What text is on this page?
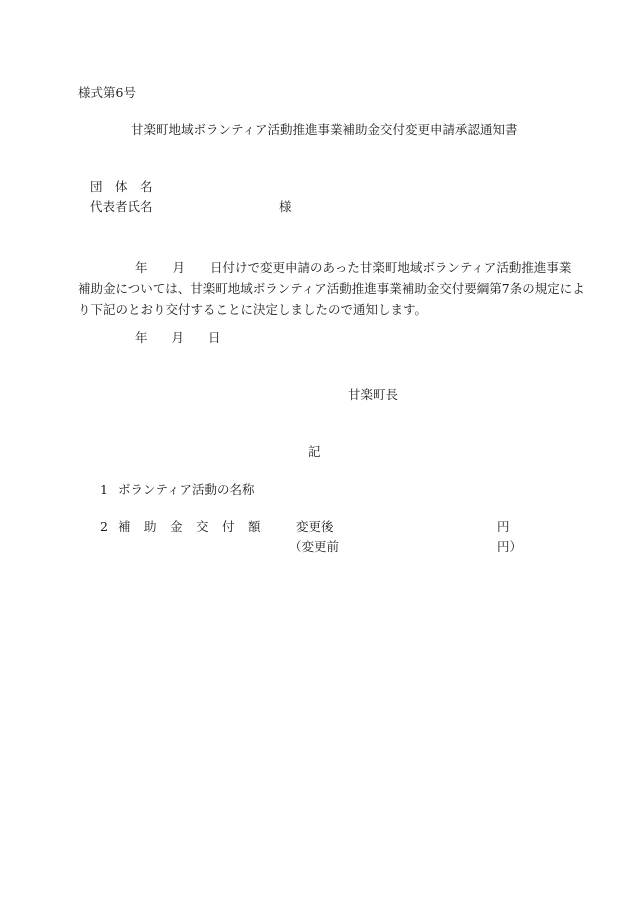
様式第6号
甘楽町地域ボランティア活動推進事業補助金交付変更申請承認通知書
団　体　名
代表者氏名	様
年　　月　　日付けで変更申請のあった甘楽町地域ボランティア活動推進事業
補助金については、甘楽町地域ボランティア活動推進事業補助金交付要綱第7条の規定によ
り下記のとおり交付することに決定しましたので通知します。
年 月 日
甘楽町長
記
1 ボランティア活動の名称
2 補　助　金　交　付　額	変更後	円
（変更前	円）
